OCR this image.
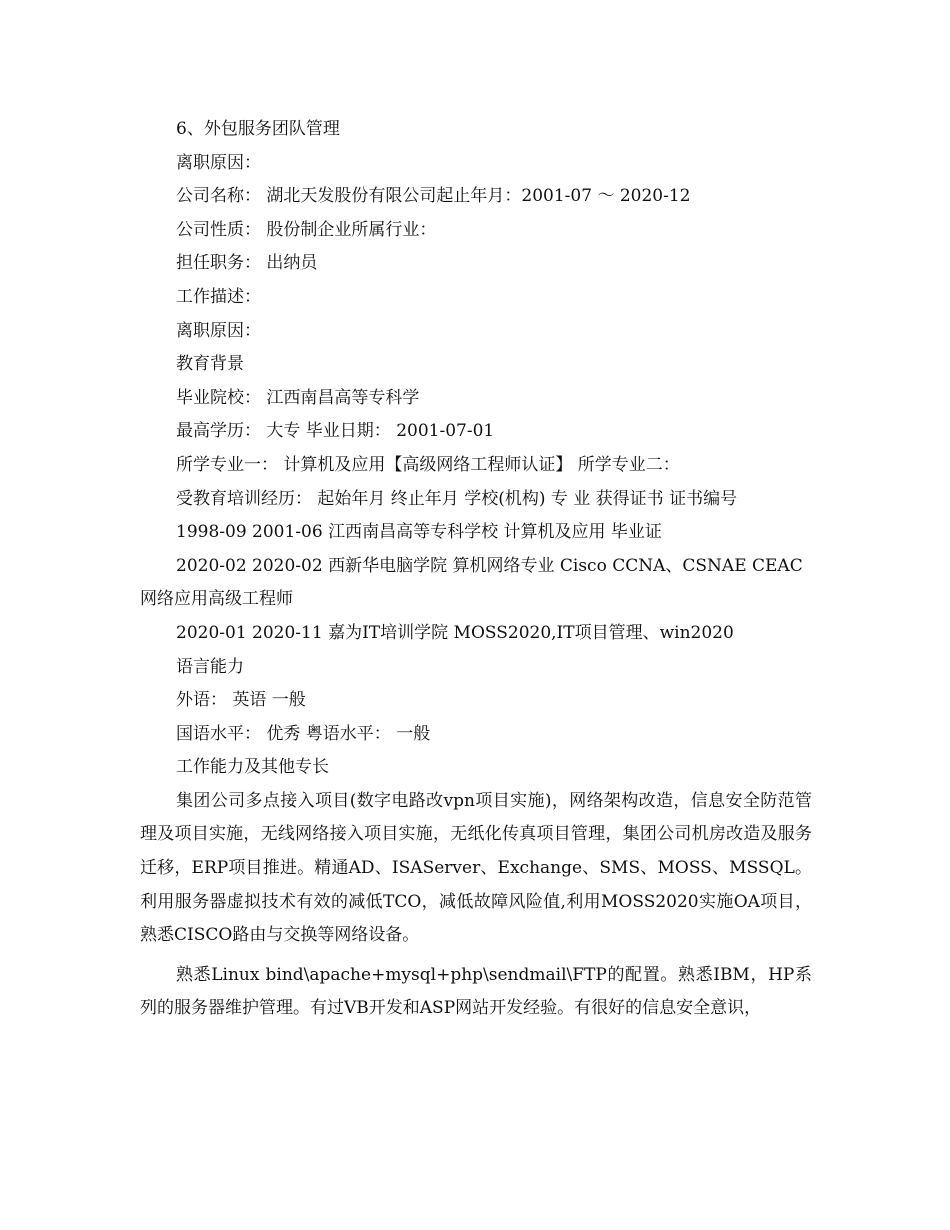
6、外包服务团队管理
离职原因：
公司名称： 湖北天发股份有限公司起止年月：2001-07 ～ 2020-12
公司性质： 股份制企业所属行业：
担任职务： 出纳员
工作描述：
离职原因：
教育背景
毕业院校： 江西南昌高等专科学
最高学历： 大专 毕业日期： 2001-07-01
所学专业一： 计算机及应用【高级网络工程师认证】 所学专业二：
受教育培训经历： 起始年月 终止年月 学校(机构) 专 业 获得证书 证书编号
1998-09 2001-06 江西南昌高等专科学校 计算机及应用 毕业证
2020-02 2020-02 西新华电脑学院 算机网络专业 Cisco CCNA、CSNAE CEAC网络应用高级工程师
2020-01 2020-11 嘉为IT培训学院 MOSS2020,IT项目管理、win2020
语言能力
外语： 英语 一般
国语水平： 优秀 粤语水平： 一般
工作能力及其他专长
集团公司多点接入项目(数字电路改vpn项目实施)，网络架构改造，信息安全防范管理及项目实施，无线网络接入项目实施，无纸化传真项目管理，集团公司机房改造及服务迁移，ERP项目推进。精通AD、ISAServer、Exchange、SMS、MOSS、MSSQL。利用服务器虚拟技术有效的减低TCO，减低故障风险值,利用MOSS2020实施OA项目，熟悉CISCO路由与交换等网络设备。
熟悉Linux bind\apache+mysql+php\sendmail\FTP的配置。熟悉IBM，HP系列的服务器维护管理。有过VB开发和ASP网站开发经验。有很好的信息安全意识，
